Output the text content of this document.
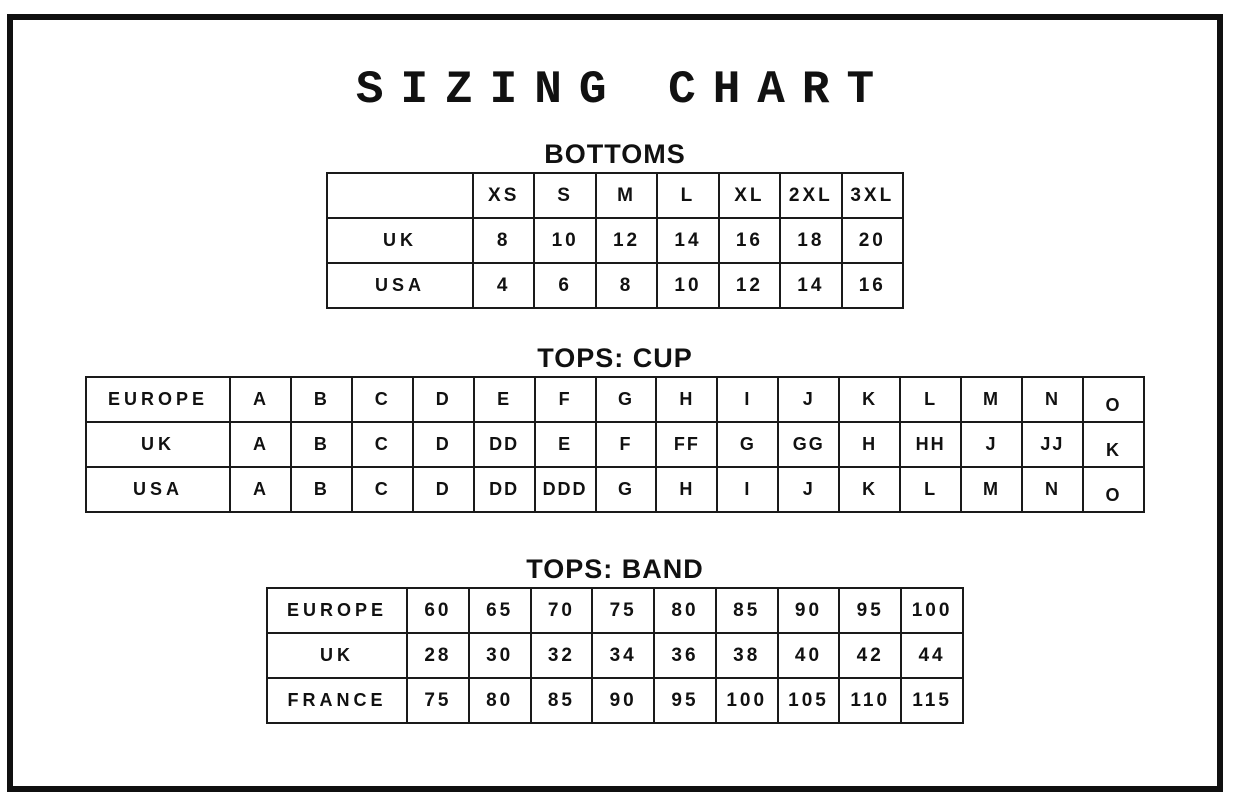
SIZING CHART
BOTTOMS
	XS	S	M	L	XL	2XL	3XL
UK	8	10	12	14	16	18	20
USA	4	6	8	10	12	14	16
TOPS: CUP
EUROPE	A	B	C	D	E	F	G	H	I	J	K	L	M	N	O
UK	A	B	C	D	DD	E	F	FF	G	GG	H	HH	J	JJ	K
USA	A	B	C	D	DD	DDD	G	H	I	J	K	L	M	N	O
TOPS: BAND
EUROPE	60	65	70	75	80	85	90	95	100
UK	28	30	32	34	36	38	40	42	44
FRANCE	75	80	85	90	95	100	105	110	115
